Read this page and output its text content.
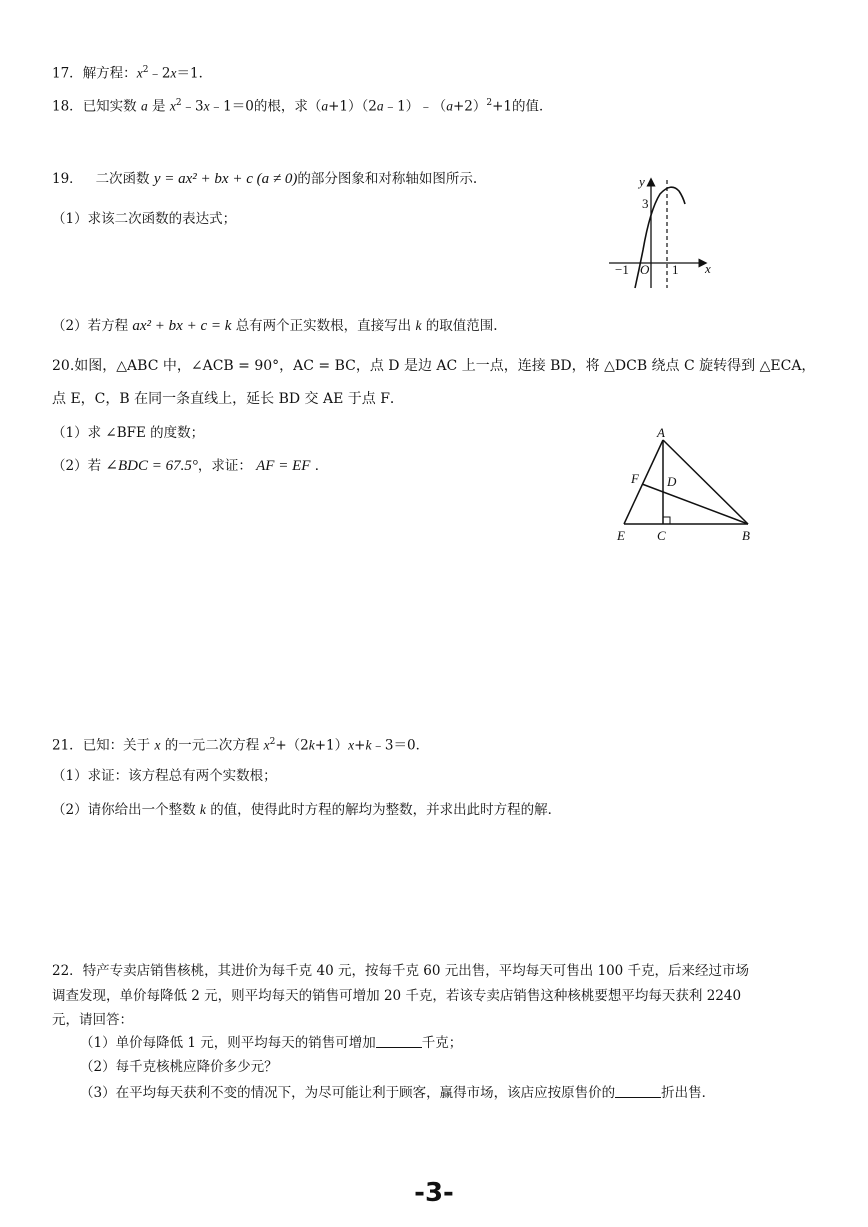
17．解方程：$x^2﹣2x=1$．
18．已知实数 a 是 $x^2﹣3x﹣1=0$的根，求$(a+1)(2a﹣1)﹣(a+2)^2+1$的值．
19． 二次函数 y = ax² + bx + c (a ≠ 0)的部分图象和对称轴如图所示.
（1）求该二次函数的表达式；
（2）若方程 ax² + bx + c = k 总有两个正实数根，直接写出 k 的取值范围.
y
x
3
−1 O 1
20.如图，△ABC 中，∠ACB = 90°，AC = BC，点 D 是边 AC 上一点，连接 BD，将 △DCB 绕点 C 旋转得到 △ECA，
点 E，C，B 在同一条直线上，延长 BD 交 AE 于点 F．
（1）求 ∠BFE 的度数；
（2）若 ∠BDC = 67.5°，求证： AF = EF ．
A
F D
E C	B
21．已知：关于 x 的一元二次方程 $x^2+(2k+1)x+k﹣3=0$．
（1）求证：该方程总有两个实数根；
（2）请你给出一个整数 k 的值，使得此时方程的解均为整数，并求出此时方程的解．
22．特产专卖店销售核桃，其进价为每千克 40 元，按每千克 60 元出售，平均每天可售出 100 千克，后来经过市场
调查发现，单价每降低 2 元，则平均每天的销售可增加 20 千克，若该专卖店销售这种核桃要想平均每天获利 2240
元，请回答：
（1）单价每降低 1 元，则平均每天的销售可增加	千克；
（2）每千克核桃应降价多少元？
（3）在平均每天获利不变的情况下，为尽可能让利于顾客，赢得市场，该店应按原售价的	折出售．
-3-
